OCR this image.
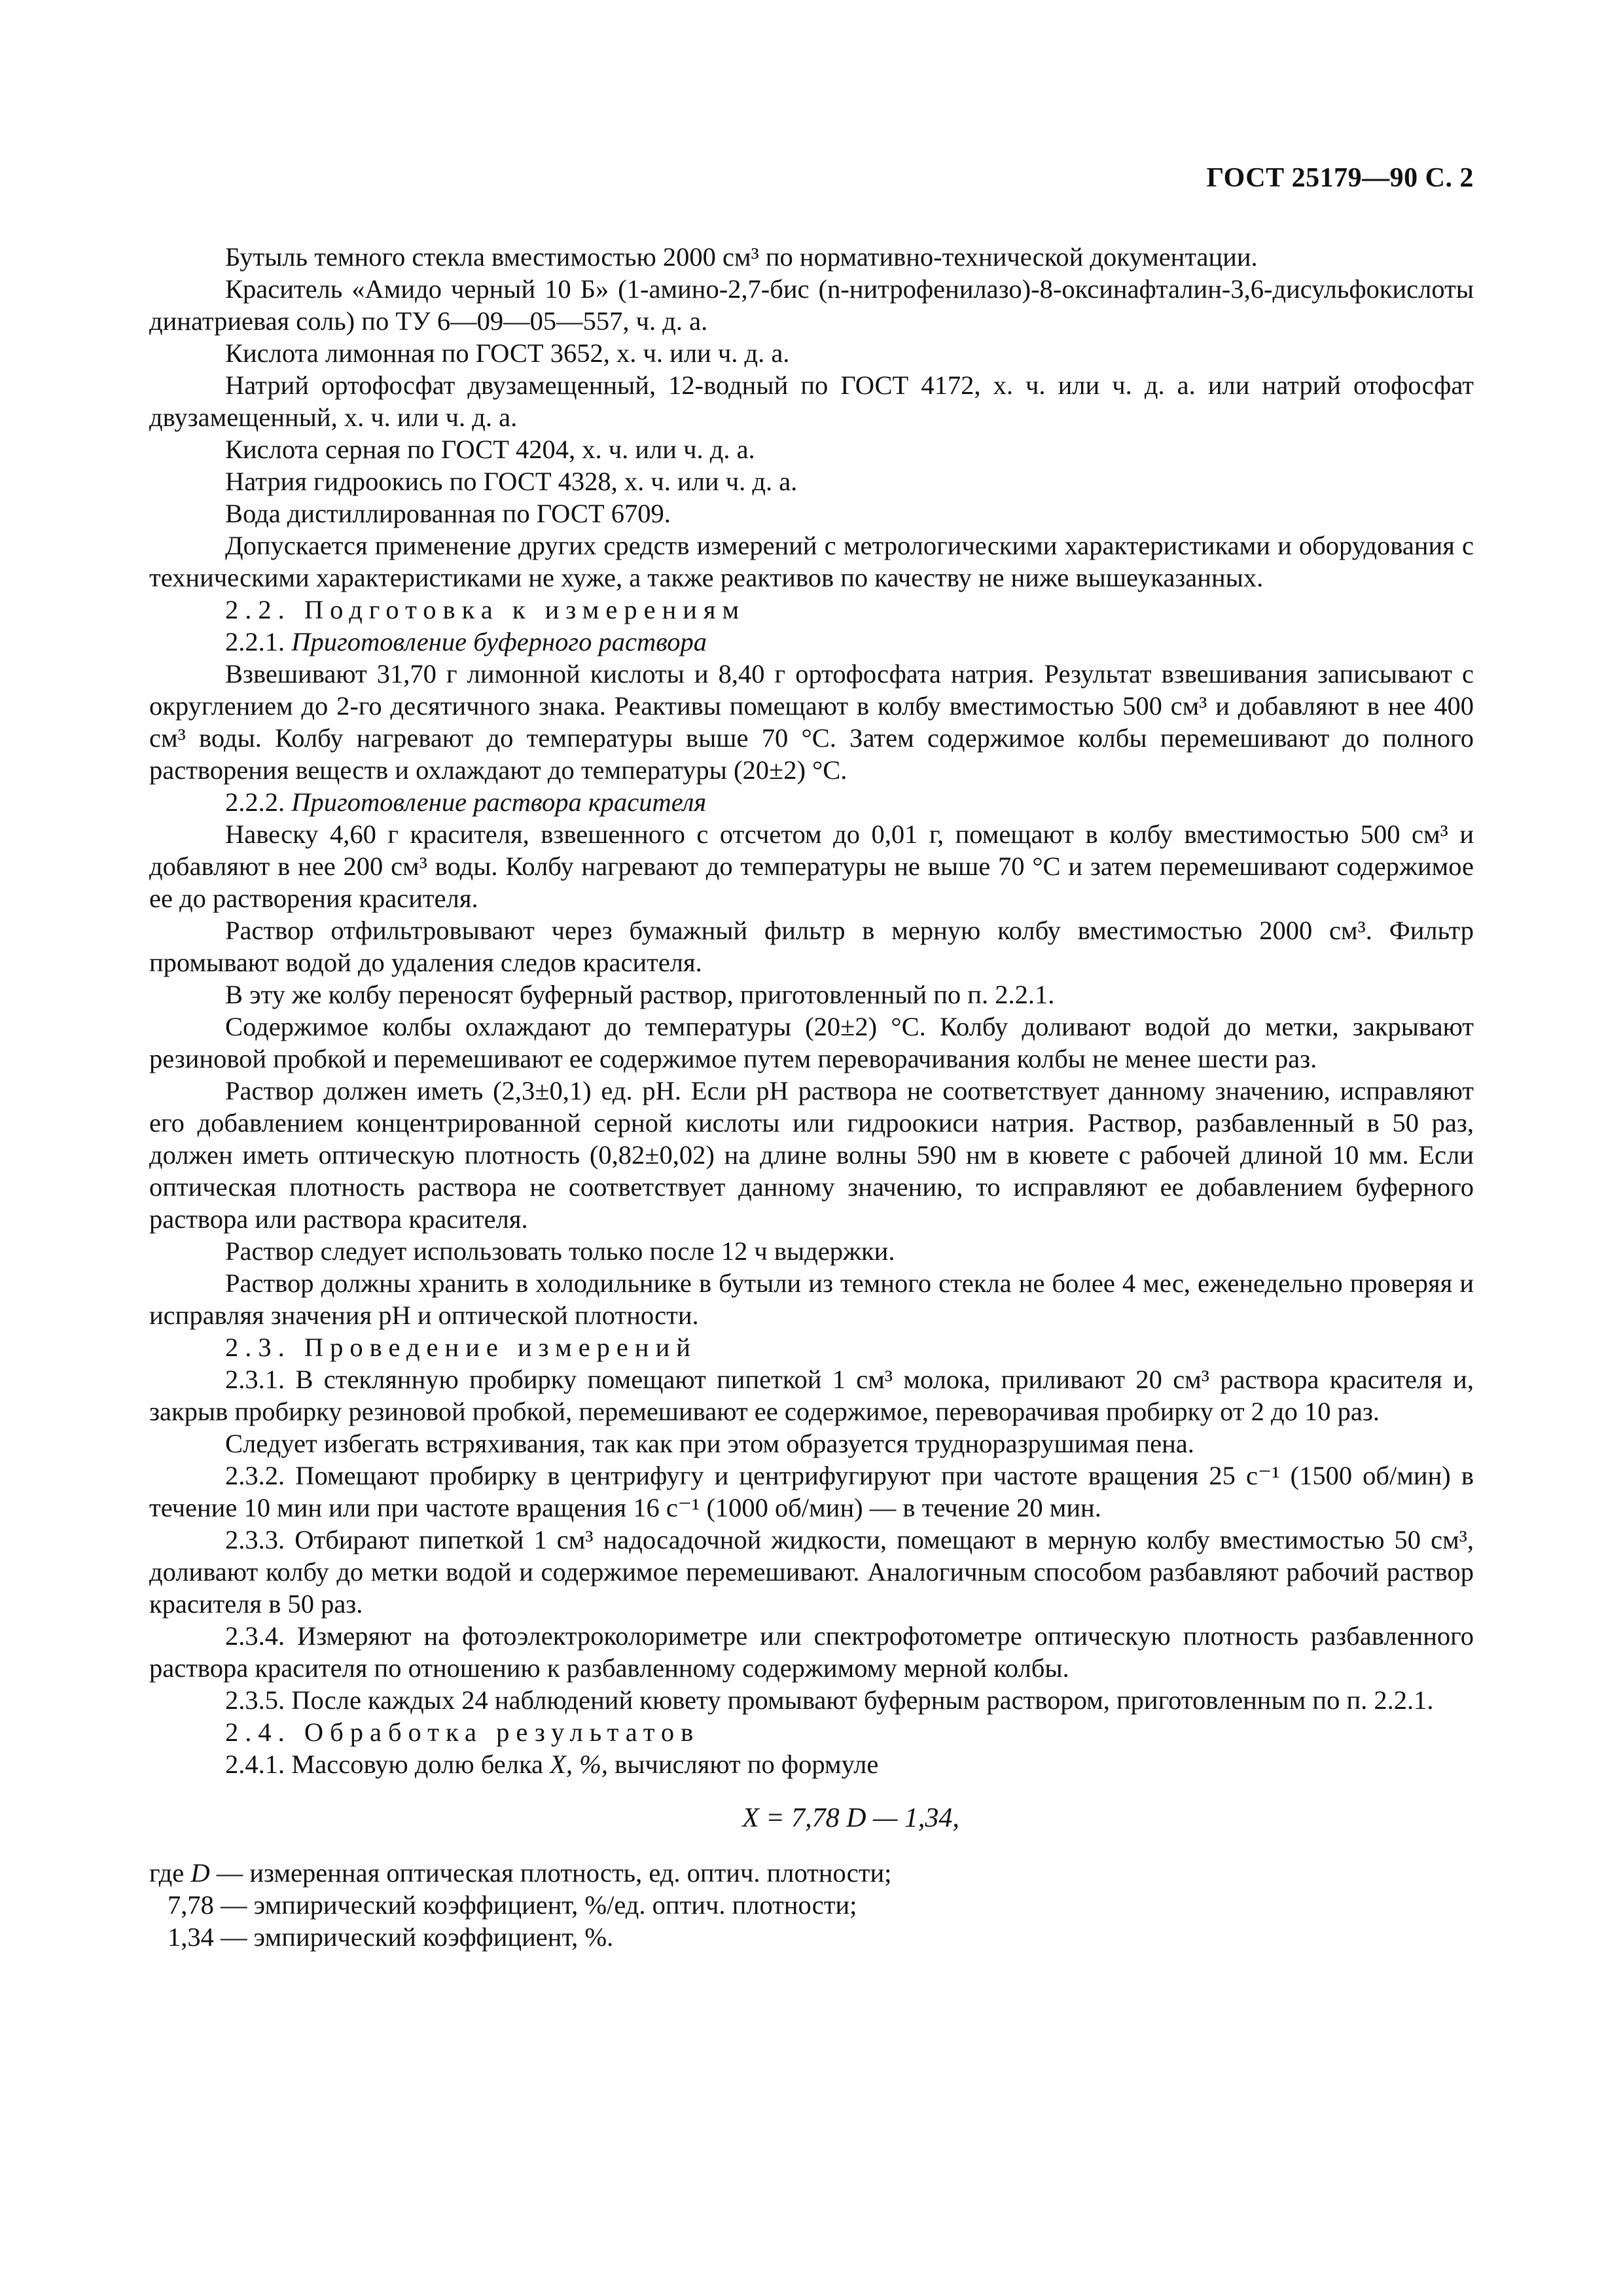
ГОСТ 25179—90 С. 2

Бутыль темного стекла вместимостью 2000 см³ по нормативно-технической документации.

Краситель «Амидо черный 10 Б» (1-амино-2,7-бис (n-нитрофенилазо)-8-оксинафталин-3,6-дисульфокислоты динатриевая соль) по ТУ 6—09—05—557, ч. д. а.

Кислота лимонная по ГОСТ 3652, х. ч. или ч. д. а.

Натрий ортофосфат двузамещенный, 12-водный по ГОСТ 4172, х. ч. или ч. д. а. или натрий отофосфат двузамещенный, х. ч. или ч. д. а.

Кислота серная по ГОСТ 4204, х. ч. или ч. д. а.

Натрия гидроокись по ГОСТ 4328, х. ч. или ч. д. а.

Вода дистиллированная по ГОСТ 6709.

Допускается применение других средств измерений с метрологическими характеристиками и оборудования с техническими характеристиками не хуже, а также реактивов по качеству не ниже вышеуказанных.

2.2. Подготовка к измерениям

2.2.1. Приготовление буферного раствора

Взвешивают 31,70 г лимонной кислоты и 8,40 г ортофосфата натрия. Результат взвешивания записывают с округлением до 2-го десятичного знака. Реактивы помещают в колбу вместимостью 500 см³ и добавляют в нее 400 см³ воды. Колбу нагревают до температуры выше 70 °С. Затем содержимое колбы перемешивают до полного растворения веществ и охлаждают до температуры (20±2) °С.

2.2.2. Приготовление раствора красителя

Навеску 4,60 г красителя, взвешенного с отсчетом до 0,01 г, помещают в колбу вместимостью 500 см³ и добавляют в нее 200 см³ воды. Колбу нагревают до температуры не выше 70 °С и затем перемешивают содержимое ее до растворения красителя.

Раствор отфильтровывают через бумажный фильтр в мерную колбу вместимостью 2000 см³. Фильтр промывают водой до удаления следов красителя.

В эту же колбу переносят буферный раствор, приготовленный по п. 2.2.1.

Содержимое колбы охлаждают до температуры (20±2) °С. Колбу доливают водой до метки, закрывают резиновой пробкой и перемешивают ее содержимое путем переворачивания колбы не менее шести раз.

Раствор должен иметь (2,3±0,1) ед. pH. Если pH раствора не соответствует данному значению, исправляют его добавлением концентрированной серной кислоты или гидроокиси натрия. Раствор, разбавленный в 50 раз, должен иметь оптическую плотность (0,82±0,02) на длине волны 590 нм в кювете с рабочей длиной 10 мм. Если оптическая плотность раствора не соответствует данному значению, то исправляют ее добавлением буферного раствора или раствора красителя.

Раствор следует использовать только после 12 ч выдержки.

Раствор должны хранить в холодильнике в бутыли из темного стекла не более 4 мес, еженедельно проверяя и исправляя значения pH и оптической плотности.

2.3. Проведение измерений

2.3.1. В стеклянную пробирку помещают пипеткой 1 см³ молока, приливают 20 см³ раствора красителя и, закрыв пробирку резиновой пробкой, перемешивают ее содержимое, переворачивая пробирку от 2 до 10 раз.

Следует избегать встряхивания, так как при этом образуется трудноразрушимая пена.

2.3.2. Помещают пробирку в центрифугу и центрифугируют при частоте вращения 25 с⁻¹ (1500 об/мин) в течение 10 мин или при частоте вращения 16 с⁻¹ (1000 об/мин) — в течение 20 мин.

2.3.3. Отбирают пипеткой 1 см³ надосадочной жидкости, помещают в мерную колбу вместимостью 50 см³, доливают колбу до метки водой и содержимое перемешивают. Аналогичным способом разбавляют рабочий раствор красителя в 50 раз.

2.3.4. Измеряют на фотоэлектроколориметре или спектрофотометре оптическую плотность разбавленного раствора красителя по отношению к разбавленному содержимому мерной колбы.

2.3.5. После каждых 24 наблюдений кювету промывают буферным раствором, приготовленным по п. 2.2.1.

2.4. Обработка результатов

2.4.1. Массовую долю белка X, %, вычисляют по формуле

X = 7,78 D — 1,34,

где D — измеренная оптическая плотность, ед. оптич. плотности;

7,78 — эмпирический коэффициент, %/ед. оптич. плотности;

1,34 — эмпирический коэффициент, %.
